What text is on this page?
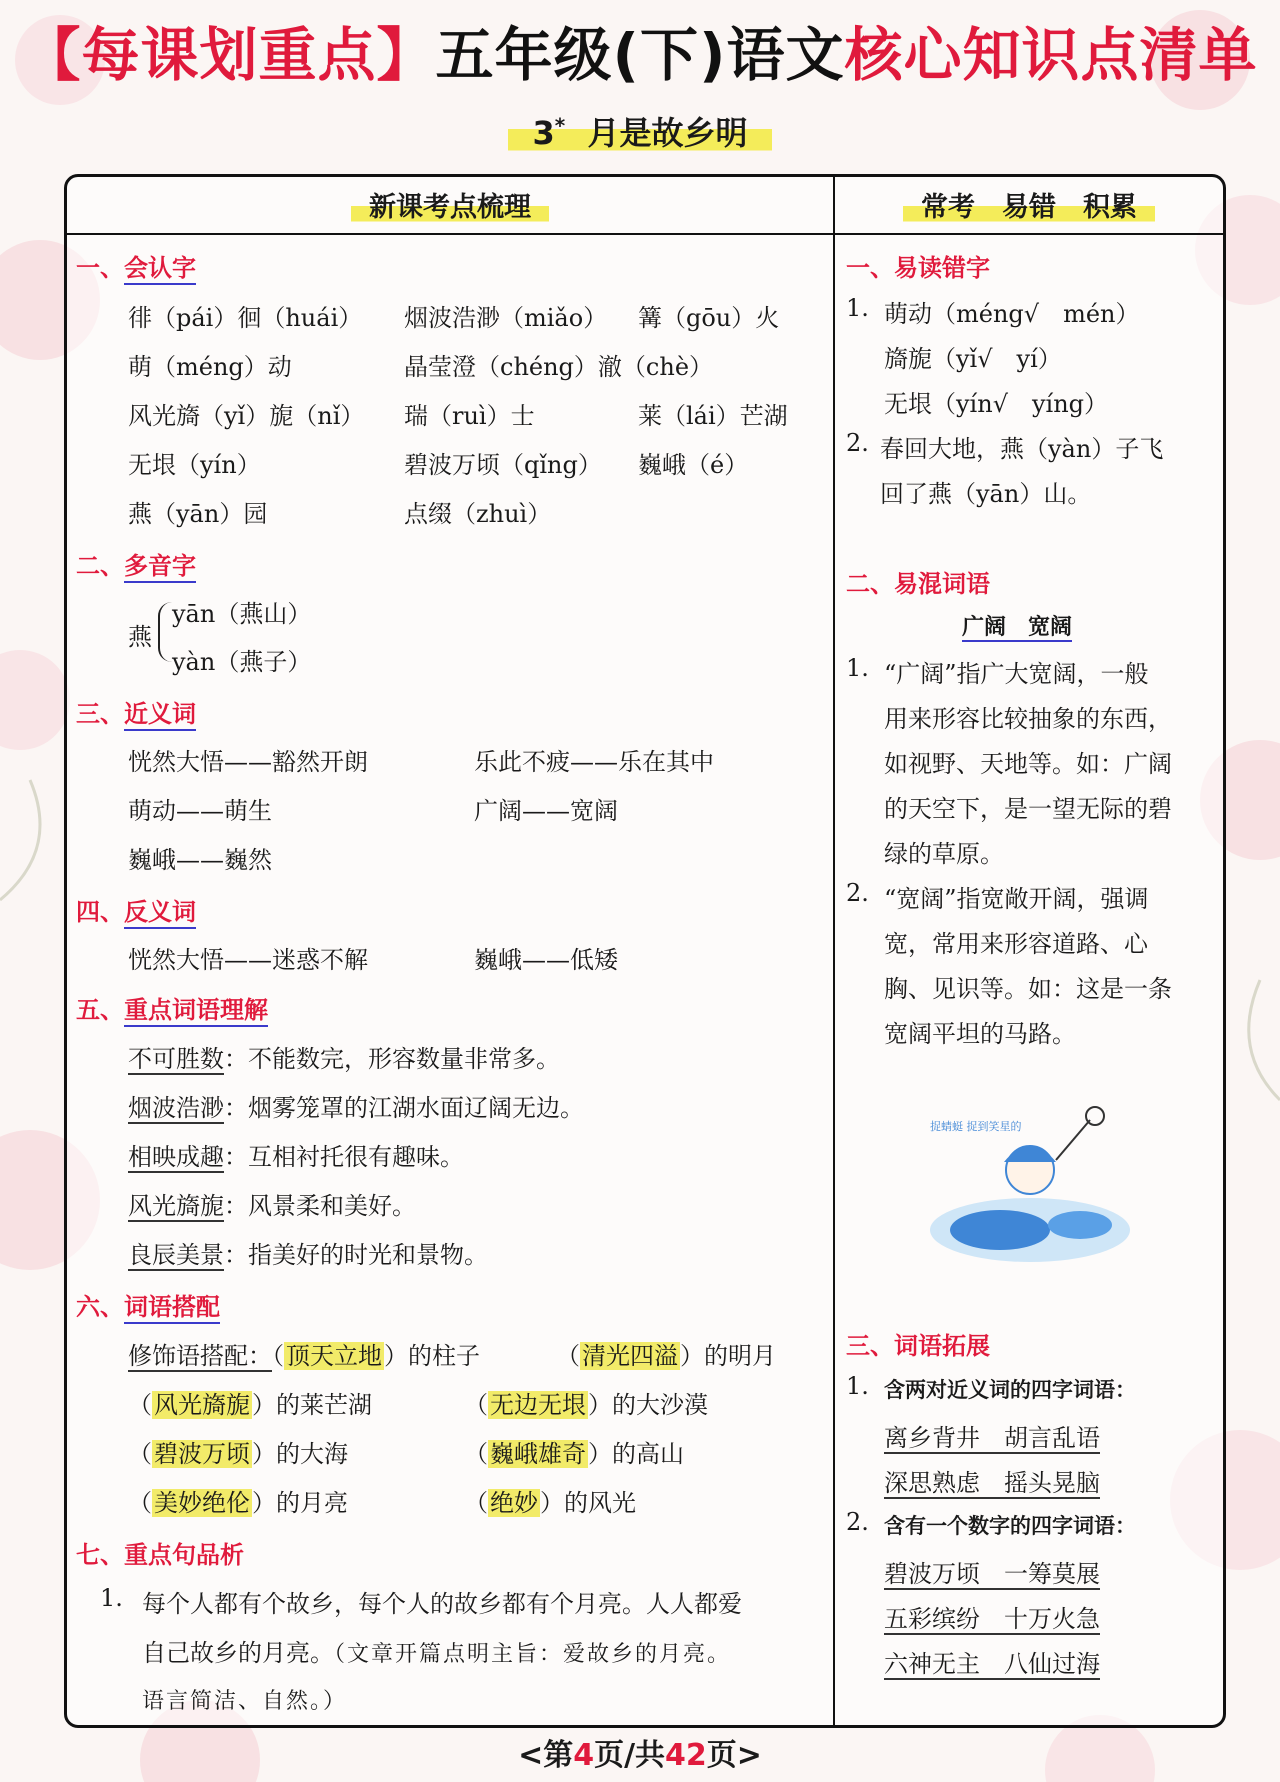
【每课划重点】五年级(下)语文核心知识点清单
3* 月是故乡明
新课考点梳理	常考　易错　积累
一、会认字
徘（pái）徊（huái） 烟波浩渺（miǎo） 篝（gōu）火
萌（méng）动	晶莹澄（chéng）澈（chè）
风光旖（yǐ）旎（nǐ） 瑞（ruì）士	莱（lái）芒湖
无垠（yín）	碧波万顷（qǐng） 巍峨（é）
燕（yān）园	点缀（zhuì）
二、多音字
燕
yān（燕山）
yàn（燕子）
三、近义词
恍然大悟——豁然开朗	乐此不疲——乐在其中
萌动——萌生	广阔——宽阔
巍峨——巍然
四、反义词
恍然大悟——迷惑不解	巍峨——低矮
五、重点词语理解
不可胜数：不能数完，形容数量非常多。
烟波浩渺：烟雾笼罩的江湖水面辽阔无边。
相映成趣：互相衬托很有趣味。
风光旖旎：风景柔和美好。
良辰美景：指美好的时光和景物。
六、词语搭配
修饰语搭配：（顶天立地）的柱子	（清光四溢）的明月
（风光旖旎）的莱芒湖	（无边无垠）的大沙漠
（碧波万顷）的大海	（巍峨雄奇）的高山
（美妙绝伦）的月亮	（绝妙）的风光
七、重点句品析
1. 每个人都有个故乡，每个人的故乡都有个月亮。人人都爱
自己故乡的月亮。（文章开篇点明主旨：爱故乡的月亮。
语言简洁、自然。）
一、易读错字
1. 萌动（méng√　mén）
旖旎（yǐ√　yí）
无垠（yín√　yíng）
2. 春回大地，燕（yàn）子飞
回了燕（yān）山。
二、易混词语
广阔　宽阔
1. “广阔”指广大宽阔，一般
用来形容比较抽象的东西，
如视野、天地等。如：广阔
的天空下，是一望无际的碧
绿的草原。
2. “宽阔”指宽敞开阔，强调
宽，常用来形容道路、心
胸、见识等。如：这是一条
宽阔平坦的马路。
捉蜻蜓 捉到笑星的
三、词语拓展
1. 含两对近义词的四字词语：
离乡背井　胡言乱语
深思熟虑　摇头晃脑
2. 含有一个数字的四字词语：
碧波万顷　一筹莫展
五彩缤纷　十万火急
六神无主　八仙过海
<第4页/共42页>
